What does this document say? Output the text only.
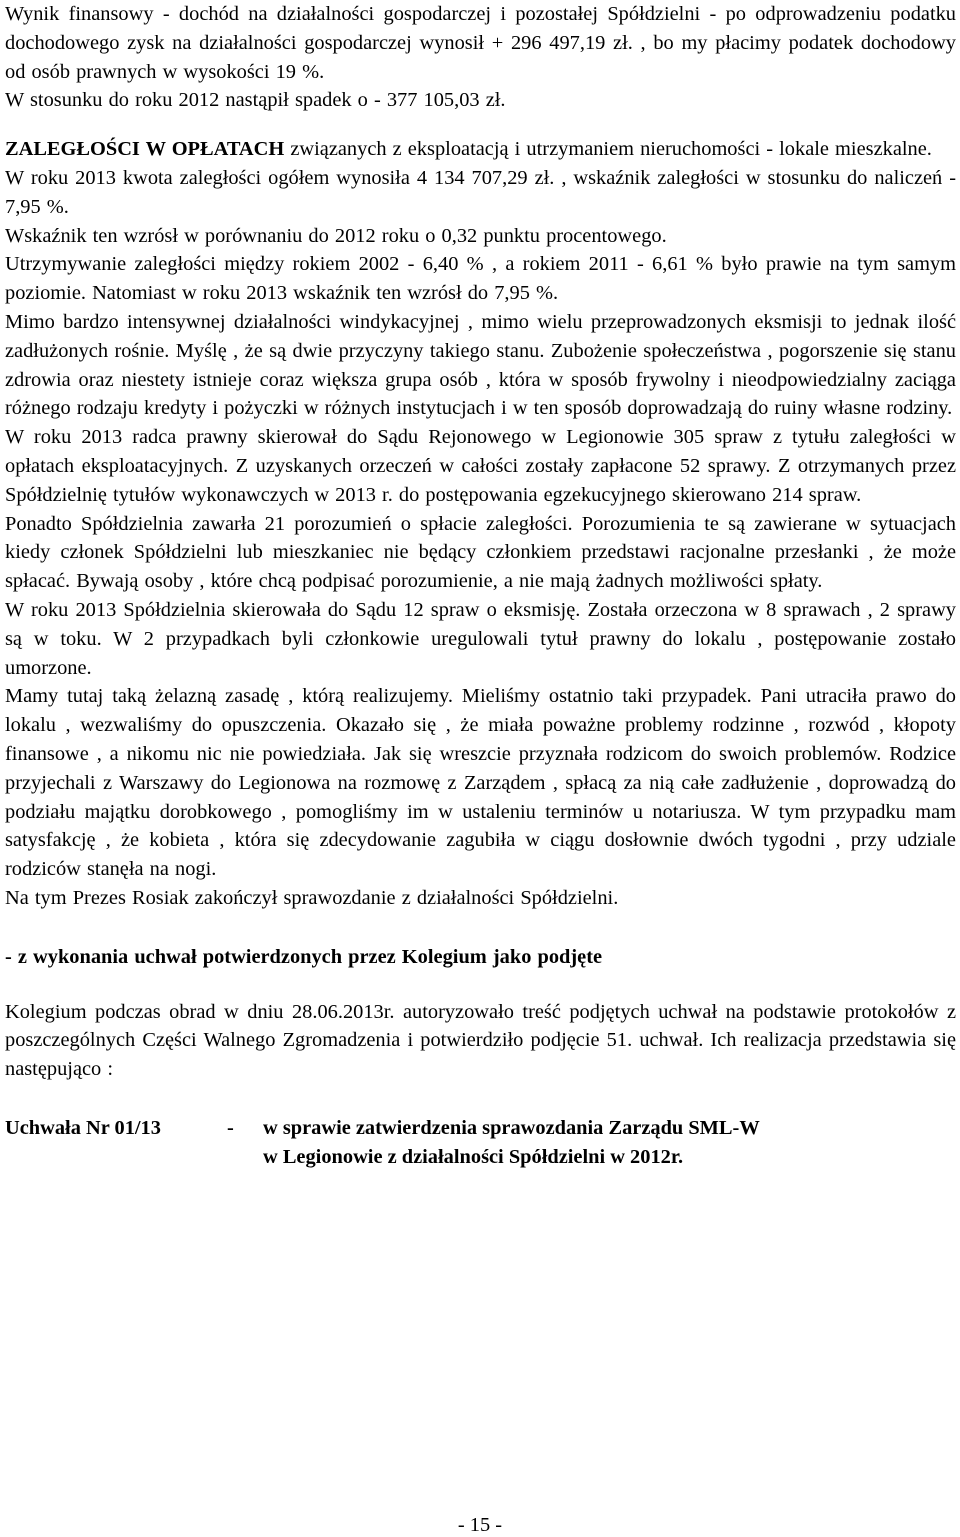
Wynik finansowy - dochód na działalności gospodarczej i pozostałej Spółdzielni - po odprowadzeniu podatku dochodowego zysk na działalności gospodarczej wynosił + 296 497,19 zł. , bo my płacimy podatek dochodowy od osób prawnych w wysokości 19 %.

W stosunku do roku 2012 nastąpił spadek o - 377 105,03 zł.

ZALEGŁOŚCI W OPŁATACH związanych z eksploatacją i utrzymaniem nieruchomości - lokale mieszkalne.

W roku 2013 kwota zaległości ogółem wynosiła 4 134 707,29 zł. , wskaźnik zaległości w stosunku do naliczeń - 7,95 %.

Wskaźnik ten wzrósł w porównaniu do 2012 roku o 0,32 punktu procentowego.

Utrzymywanie zaległości między rokiem 2002 - 6,40 % , a rokiem 2011 - 6,61 % było prawie na tym samym poziomie. Natomiast w roku 2013 wskaźnik ten wzrósł do 7,95 %.

Mimo bardzo intensywnej działalności windykacyjnej , mimo wielu przeprowadzonych eksmisji to jednak ilość zadłużonych rośnie. Myślę , że są dwie przyczyny takiego stanu. Zubożenie społeczeństwa , pogorszenie się stanu zdrowia oraz niestety istnieje coraz większa grupa osób , która w sposób frywolny i nieodpowiedzialny zaciąga różnego rodzaju kredyty i pożyczki w różnych instytucjach i w ten sposób doprowadzają do ruiny własne rodziny.

W roku 2013 radca prawny skierował do Sądu Rejonowego w Legionowie 305 spraw z tytułu zaległości w opłatach eksploatacyjnych. Z uzyskanych orzeczeń w całości zostały zapłacone 52 sprawy. Z otrzymanych przez Spółdzielnię tytułów wykonawczych w 2013 r. do postępowania egzekucyjnego skierowano 214 spraw.

Ponadto Spółdzielnia zawarła 21 porozumień o spłacie zaległości. Porozumienia te są zawierane w sytuacjach kiedy członek Spółdzielni lub mieszkaniec nie będący członkiem przedstawi racjonalne przesłanki , że może spłacać. Bywają osoby , które chcą podpisać porozumienie, a nie mają żadnych możliwości spłaty.

W roku 2013 Spółdzielnia skierowała do Sądu 12 spraw o eksmisję. Została orzeczona w 8 sprawach , 2 sprawy są w toku. W 2 przypadkach byli członkowie uregulowali tytuł prawny do lokalu , postępowanie zostało umorzone.

Mamy tutaj taką żelazną zasadę , którą realizujemy. Mieliśmy ostatnio taki przypadek. Pani utraciła prawo do lokalu , wezwaliśmy do opuszczenia. Okazało się , że miała poważne problemy rodzinne , rozwód , kłopoty finansowe , a nikomu nic nie powiedziała. Jak się wreszcie przyznała rodzicom do swoich problemów. Rodzice przyjechali z Warszawy do Legionowa na rozmowę z Zarządem , spłacą za nią całe zadłużenie , doprowadzą do podziału majątku dorobkowego , pomogliśmy im w ustaleniu terminów u notariusza. W tym przypadku mam satysfakcję , że kobieta , która się zdecydowanie zagubiła w ciągu dosłownie dwóch tygodni , przy udziale rodziców stanęła na nogi.

Na tym Prezes Rosiak zakończył sprawozdanie z działalności Spółdzielni.

- z wykonania uchwał potwierdzonych przez Kolegium jako podjęte

Kolegium podczas obrad w dniu 28.06.2013r. autoryzowało treść podjętych uchwał na podstawie protokołów z poszczególnych Części Walnego Zgromadzenia i potwierdziło podjęcie 51. uchwał. Ich realizacja przedstawia się następująco :

Uchwała Nr 01/13	-	w sprawie zatwierdzenia sprawozdania Zarządu SML-W
w Legionowie z działalności Spółdzielni w 2012r.
- 15 -
